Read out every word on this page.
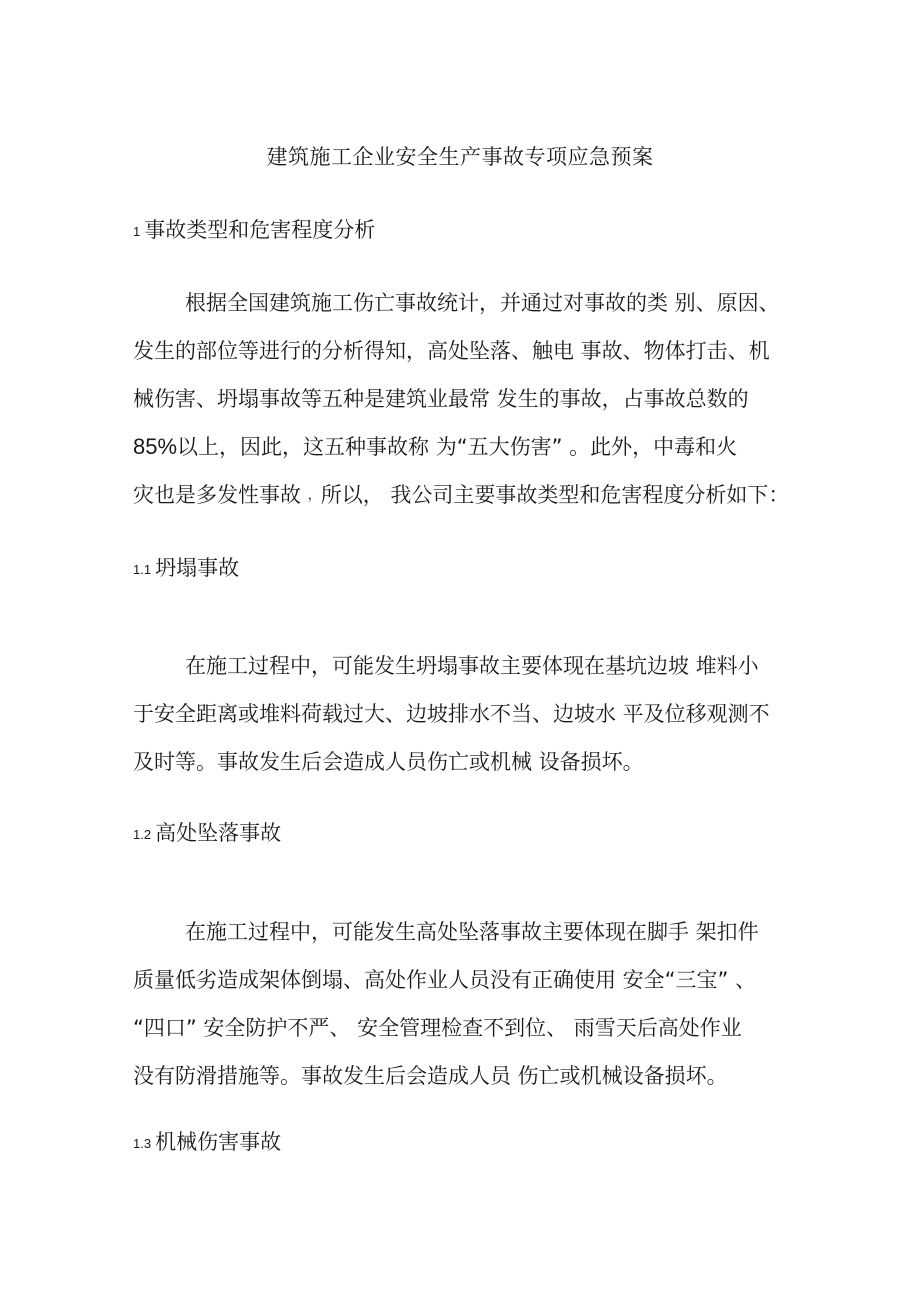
建筑施工企业安全生产事故专项应急预案
1 事故类型和危害程度分析
根据全国建筑施工伤亡事故统计，并通过对事故的类 别、原因、
发生的部位等进行的分析得知，高处坠落、触电 事故、物体打击、机
械伤害、坍塌事故等五种是建筑业最常 发生的事故，占事故总数的
85%以上，因此，这五种事故称 为“五大伤害” 。此外，中毒和火
灾也是多发性事故 ，所以， 我公司主要事故类型和危害程度分析如下：
1.1 坍塌事故
在施工过程中，可能发生坍塌事故主要体现在基坑边坡 堆料小
于安全距离或堆料荷载过大、边坡排水不当、边坡水 平及位移观测不
及时等。事故发生后会造成人员伤亡或机械 设备损坏。
1.2 高处坠落事故
在施工过程中，可能发生高处坠落事故主要体现在脚手 架扣件
质量低劣造成架体倒塌、高处作业人员没有正确使用 安全“三宝” 、
“四口” 安全防护不严、 安全管理检查不到位、 雨雪天后高处作业
没有防滑措施等。事故发生后会造成人员 伤亡或机械设备损坏。
1.3 机械伤害事故
